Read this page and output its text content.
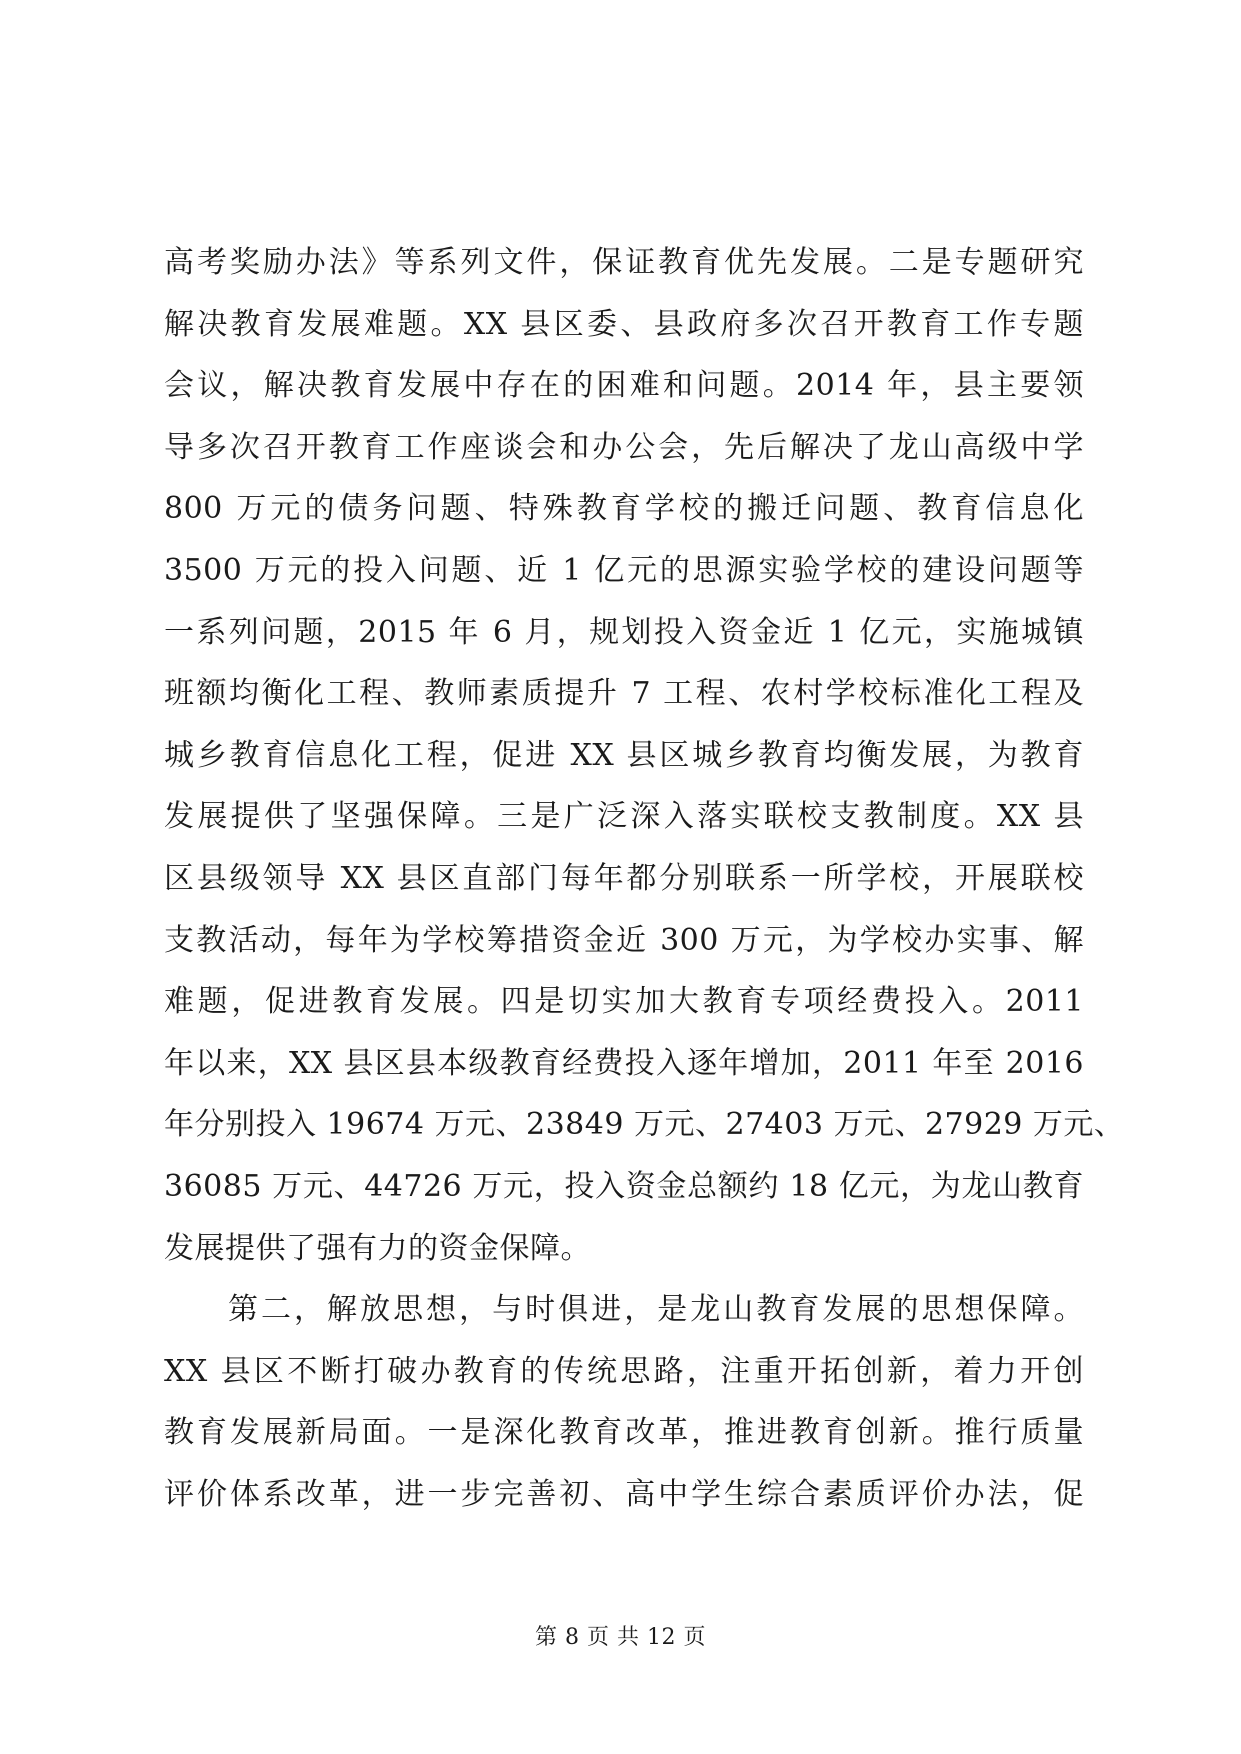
高考奖励办法》等系列文件，保证教育优先发展。二是专题研究
解决教育发展难题。XX 县区委、县政府多次召开教育工作专题
会议，解决教育发展中存在的困难和问题。2014 年，县主要领
导多次召开教育工作座谈会和办公会，先后解决了龙山高级中学
800 万元的债务问题、特殊教育学校的搬迁问题、教育信息化
3500 万元的投入问题、近 1 亿元的思源实验学校的建设问题等
一系列问题，2015 年 6 月，规划投入资金近 1 亿元，实施城镇
班额均衡化工程、教师素质提升 7 工程、农村学校标准化工程及
城乡教育信息化工程，促进 XX 县区城乡教育均衡发展，为教育
发展提供了坚强保障。三是广泛深入落实联校支教制度。XX 县
区县级领导 XX 县区直部门每年都分别联系一所学校，开展联校
支教活动，每年为学校筹措资金近 300 万元，为学校办实事、解
难题，促进教育发展。四是切实加大教育专项经费投入。2011
年以来，XX 县区县本级教育经费投入逐年增加，2011 年至 2016
年分别投入 19674 万元、23849 万元、27403 万元、27929 万元、
36085 万元、44726 万元，投入资金总额约 18 亿元，为龙山教育
发展提供了强有力的资金保障。
第二，解放思想，与时俱进，是龙山教育发展的思想保障。
XX 县区不断打破办教育的传统思路，注重开拓创新，着力开创
教育发展新局面。一是深化教育改革，推进教育创新。推行质量
评价体系改革，进一步完善初、高中学生综合素质评价办法，促
第 8 页 共 12 页
